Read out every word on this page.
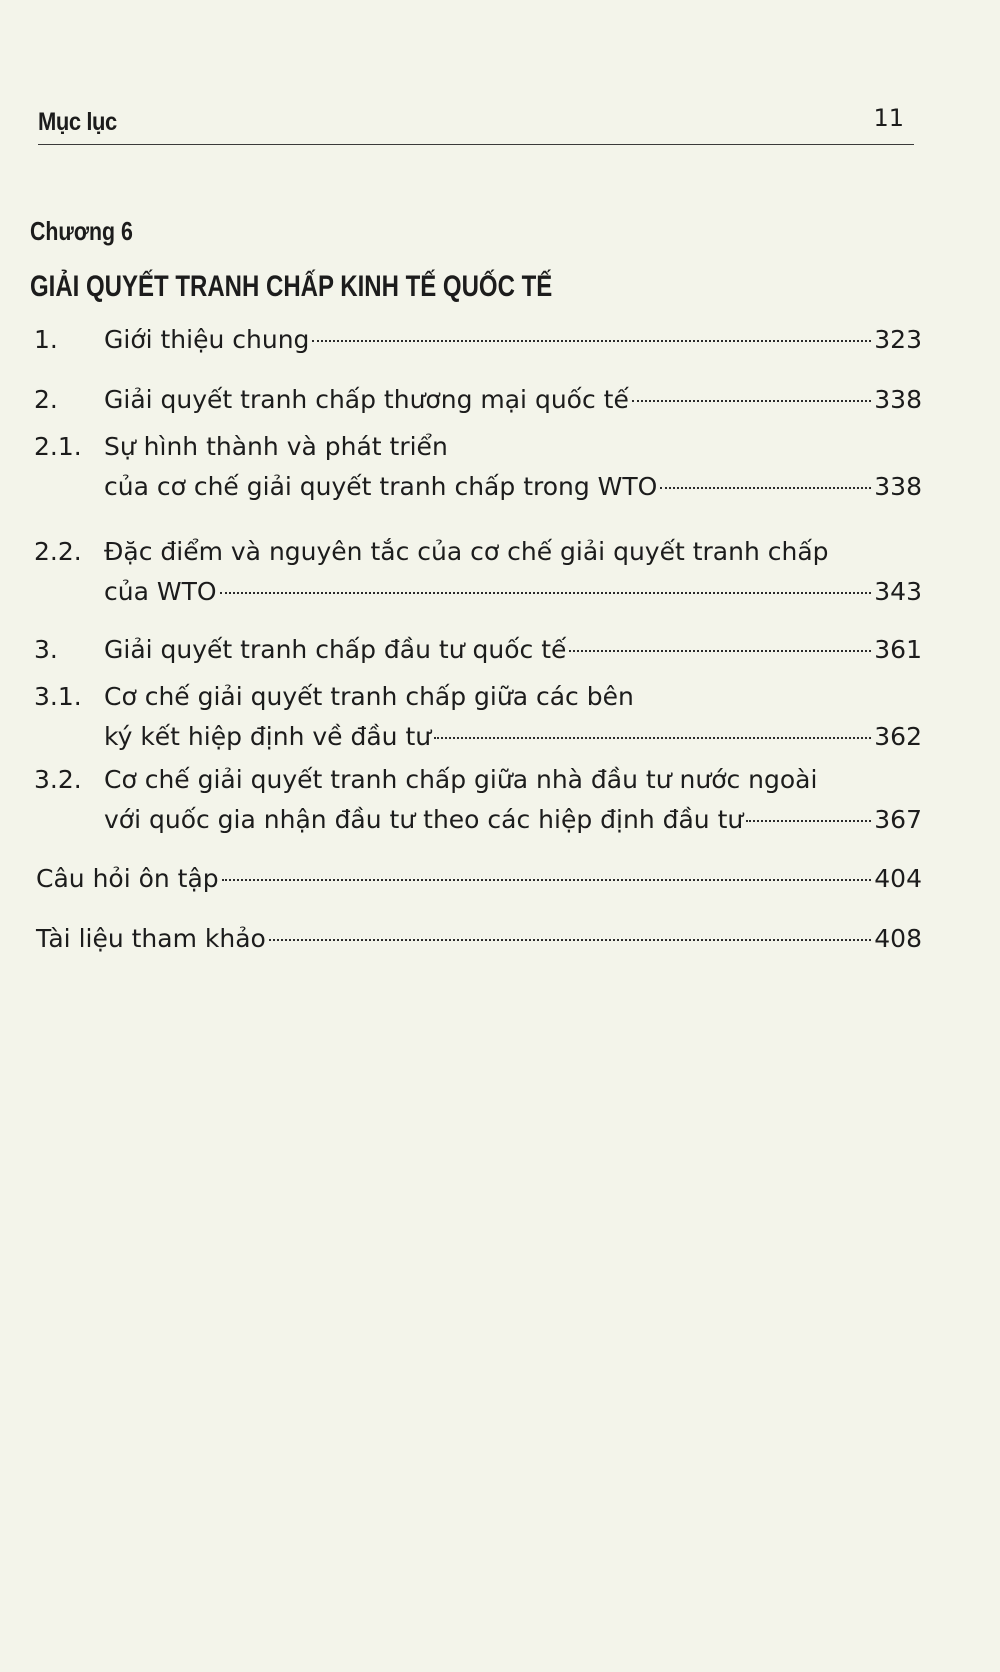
Mục lục	11
Chương 6
GIẢI QUYẾT TRANH CHẤP KINH TẾ QUỐC TẾ
1. Giới thiệu chung	323
2. Giải quyết tranh chấp thương mại quốc tế	338
2.1. Sự hình thành và phát triển
của cơ chế giải quyết tranh chấp trong WTO	338
2.2. Đặc điểm và nguyên tắc của cơ chế giải quyết tranh chấp
của WTO	343
3. Giải quyết tranh chấp đầu tư quốc tế	361
3.1. Cơ chế giải quyết tranh chấp giữa các bên
ký kết hiệp định về đầu tư	362
3.2. Cơ chế giải quyết tranh chấp giữa nhà đầu tư nước ngoài
với quốc gia nhận đầu tư theo các hiệp định đầu tư	367
Câu hỏi ôn tập	404
Tài liệu tham khảo	408
